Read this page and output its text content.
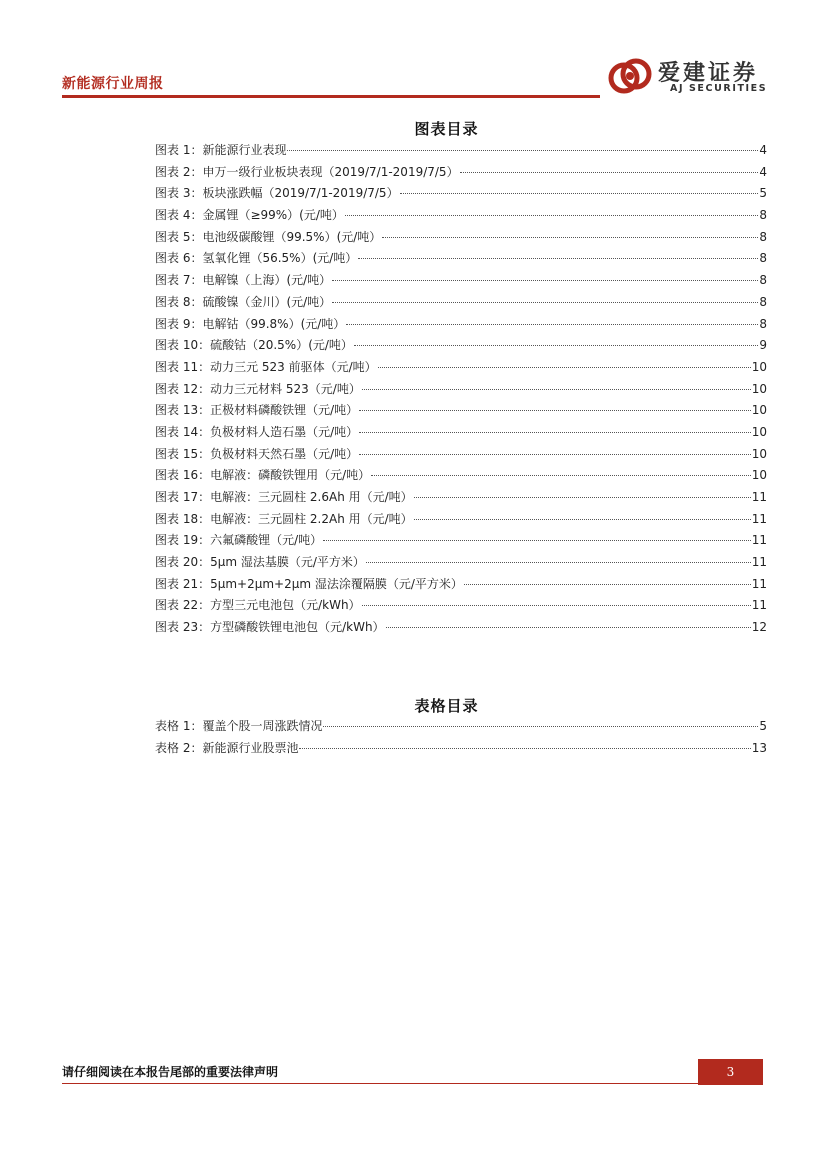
新能源行业周报	爱建证券
AJ SECURITIES
图表目录
图表 1：新能源行业表现	4
图表 2：申万一级行业板块表现（2019/7/1-2019/7/5）	4
图表 3：板块涨跌幅（2019/7/1-2019/7/5）	5
图表 4：金属锂（≥99%）(元/吨）	8
图表 5：电池级碳酸锂（99.5%）(元/吨）	8
图表 6：氢氧化锂（56.5%）(元/吨）	8
图表 7：电解镍（上海）(元/吨）	8
图表 8：硫酸镍（金川）(元/吨）	8
图表 9：电解钴（99.8%）(元/吨）	8
图表 10：硫酸钴（20.5%）(元/吨）	9
图表 11：动力三元 523 前驱体（元/吨）	10
图表 12：动力三元材料 523（元/吨）	10
图表 13：正极材料磷酸铁锂（元/吨）	10
图表 14：负极材料人造石墨（元/吨）	10
图表 15：负极材料天然石墨（元/吨）	10
图表 16：电解液：磷酸铁锂用（元/吨）	10
图表 17：电解液：三元圆柱 2.6Ah 用（元/吨）	11
图表 18：电解液：三元圆柱 2.2Ah 用（元/吨）	11
图表 19：六氟磷酸锂（元/吨）	11
图表 20：5μm 湿法基膜（元/平方米）	11
图表 21：5μm+2μm+2μm 湿法涂覆隔膜（元/平方米）	11
图表 22：方型三元电池包（元/kWh）	11
图表 23：方型磷酸铁锂电池包（元/kWh）	12
表格目录
表格 1：覆盖个股一周涨跌情况	5
表格 2：新能源行业股票池	13
请仔细阅读在本报告尾部的重要法律声明	3
